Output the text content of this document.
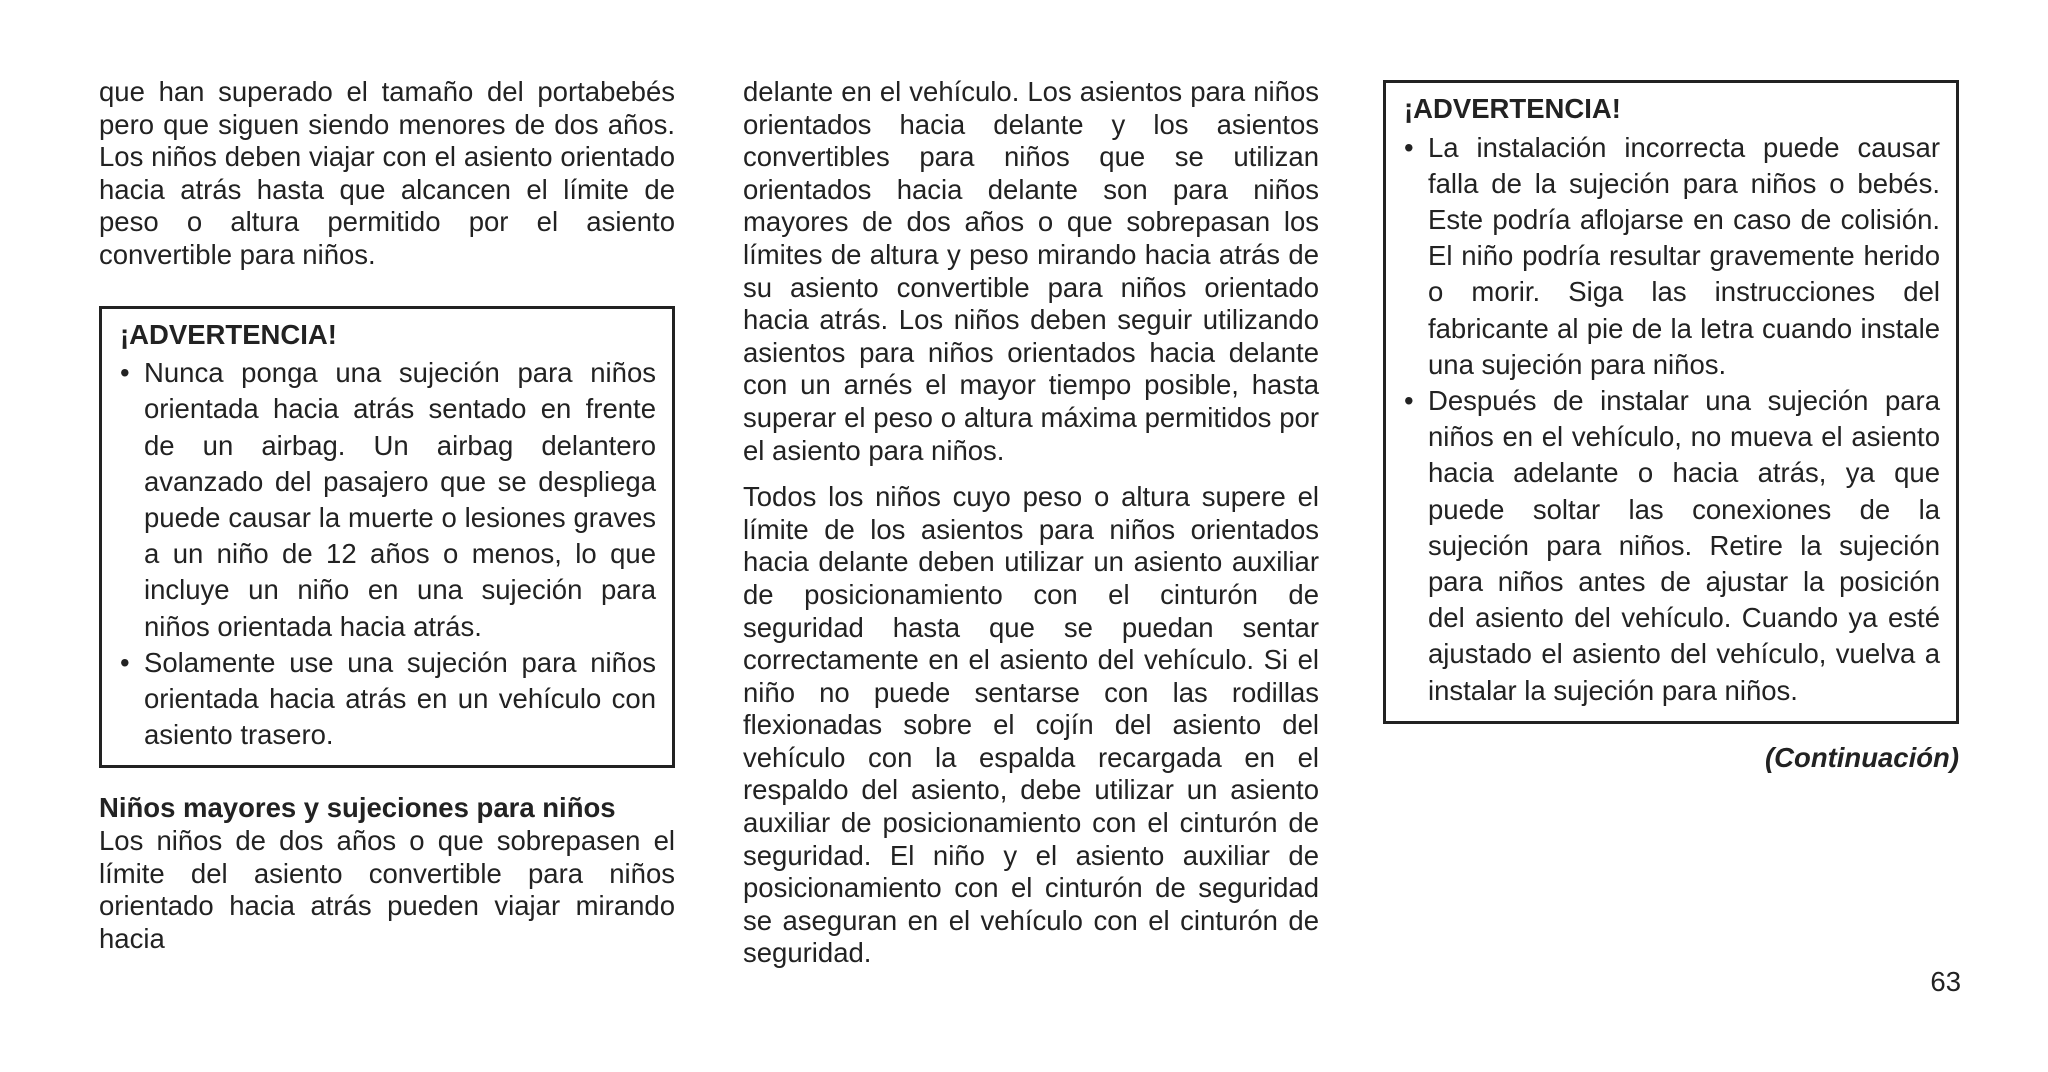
que han superado el tamaño del portabebés pero que siguen siendo menores de dos años. Los niños deben viajar con el asiento orientado hacia atrás hasta que alcancen el límite de peso o altura permitido por el asiento convertible para niños.

¡ADVERTENCIA!
• Nunca ponga una sujeción para niños orientada hacia atrás sentado en frente de un airbag. Un airbag delantero avanzado del pasajero que se despliega puede causar la muerte o lesiones graves a un niño de 12 años o menos, lo que incluye un niño en una sujeción para niños orientada hacia atrás.
• Solamente use una sujeción para niños orientada hacia atrás en un vehículo con asiento trasero.

Niños mayores y sujeciones para niños

Los niños de dos años o que sobrepasen el límite del asiento convertible para niños orientado hacia atrás pueden viajar mirando hacia

delante en el vehículo. Los asientos para niños orientados hacia delante y los asientos convertibles para niños que se utilizan orientados hacia delante son para niños mayores de dos años o que sobrepasan los límites de altura y peso mirando hacia atrás de su asiento convertible para niños orientado hacia atrás. Los niños deben seguir utilizando asientos para niños orientados hacia delante con un arnés el mayor tiempo posible, hasta superar el peso o altura máxima permitidos por el asiento para niños.

Todos los niños cuyo peso o altura supere el límite de los asientos para niños orientados hacia delante deben utilizar un asiento auxiliar de posicionamiento con el cinturón de seguridad hasta que se puedan sentar correctamente en el asiento del vehículo. Si el niño no puede sentarse con las rodillas flexionadas sobre el cojín del asiento del vehículo con la espalda recargada en el respaldo del asiento, debe utilizar un asiento auxiliar de posicionamiento con el cinturón de seguridad. El niño y el asiento auxiliar de posicionamiento con el cinturón de seguridad se aseguran en el vehículo con el cinturón de seguridad.

¡ADVERTENCIA!
• La instalación incorrecta puede causar falla de la sujeción para niños o bebés. Este podría aflojarse en caso de colisión. El niño podría resultar gravemente herido o morir. Siga las instrucciones del fabricante al pie de la letra cuando instale una sujeción para niños.
• Después de instalar una sujeción para niños en el vehículo, no mueva el asiento hacia adelante o hacia atrás, ya que puede soltar las conexiones de la sujeción para niños. Retire la sujeción para niños antes de ajustar la posición del asiento del vehículo. Cuando ya esté ajustado el asiento del vehículo, vuelva a instalar la sujeción para niños.
(Continuación)
63
